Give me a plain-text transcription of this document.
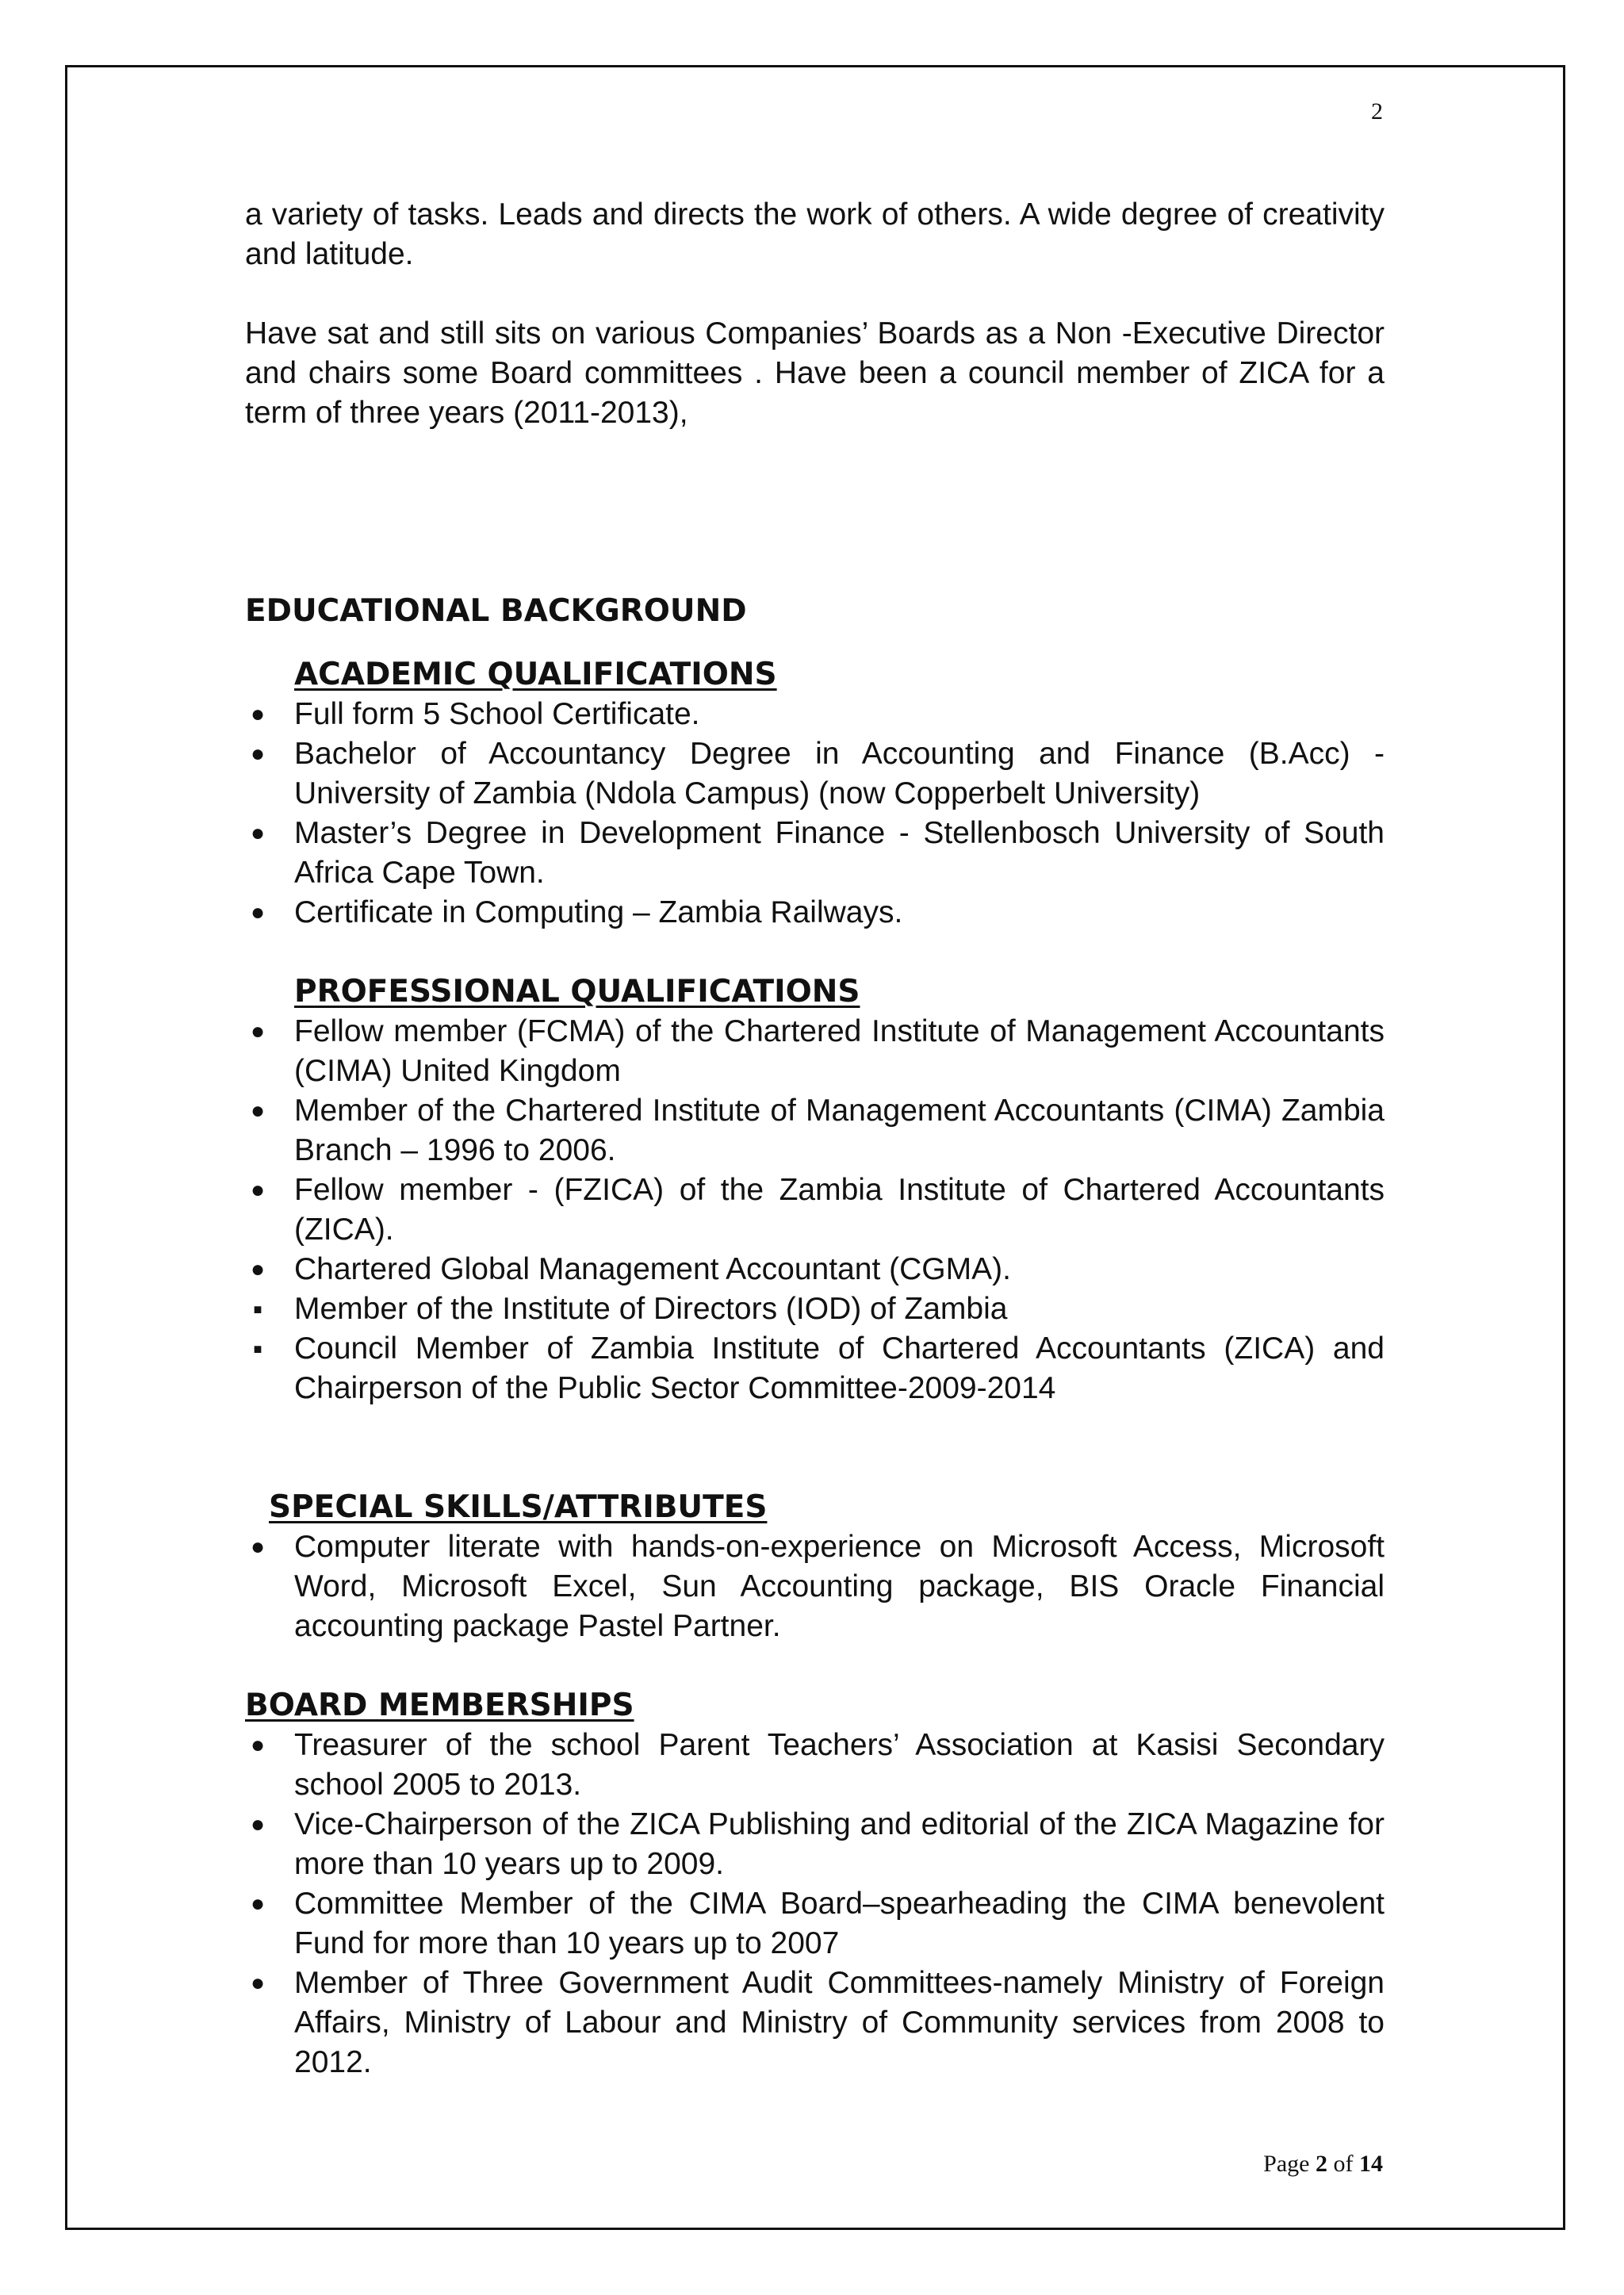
2

a variety of tasks. Leads and directs the work of others. A wide degree of creativity and latitude.

Have sat and still sits on various Companies’ Boards as a Non -Executive Director and chairs some Board committees . Have been a council member of ZICA for a term of three years (2011-2013),

EDUCATIONAL BACKGROUND
ACADEMIC QUALIFICATIONS
● Full form 5 School Certificate.
● Bachelor of Accountancy Degree in Accounting and Finance (B.Acc) - University of Zambia (Ndola Campus) (now Copperbelt University)
● Master’s Degree in Development Finance - Stellenbosch University of South Africa Cape Town.
● Certificate in Computing – Zambia Railways.
PROFESSIONAL QUALIFICATIONS
● Fellow member (FCMA) of the Chartered Institute of Management Accountants (CIMA) United Kingdom
● Member of the Chartered Institute of Management Accountants (CIMA) Zambia Branch – 1996 to 2006.
● Fellow member - (FZICA) of the Zambia Institute of Chartered Accountants (ZICA).
● Chartered Global Management Accountant (CGMA).
■ Member of the Institute of Directors (IOD) of Zambia
■ Council Member of Zambia Institute of Chartered Accountants (ZICA) and Chairperson of the Public Sector Committee-2009-2014
SPECIAL SKILLS/ATTRIBUTES
● Computer literate with hands-on-experience on Microsoft Access, Microsoft Word, Microsoft Excel, Sun Accounting package, BIS Oracle Financial accounting package Pastel Partner.
BOARD MEMBERSHIPS
● Treasurer of the school Parent Teachers’ Association at Kasisi Secondary school 2005 to 2013.
● Vice-Chairperson of the ZICA Publishing and editorial of the ZICA Magazine for more than 10 years up to 2009.
● Committee Member of the CIMA Board–spearheading the CIMA benevolent Fund for more than 10 years up to 2007
● Member of Three Government Audit Committees-namely Ministry of Foreign Affairs, Ministry of Labour and Ministry of Community services from 2008 to 2012.
Page 2 of 14
